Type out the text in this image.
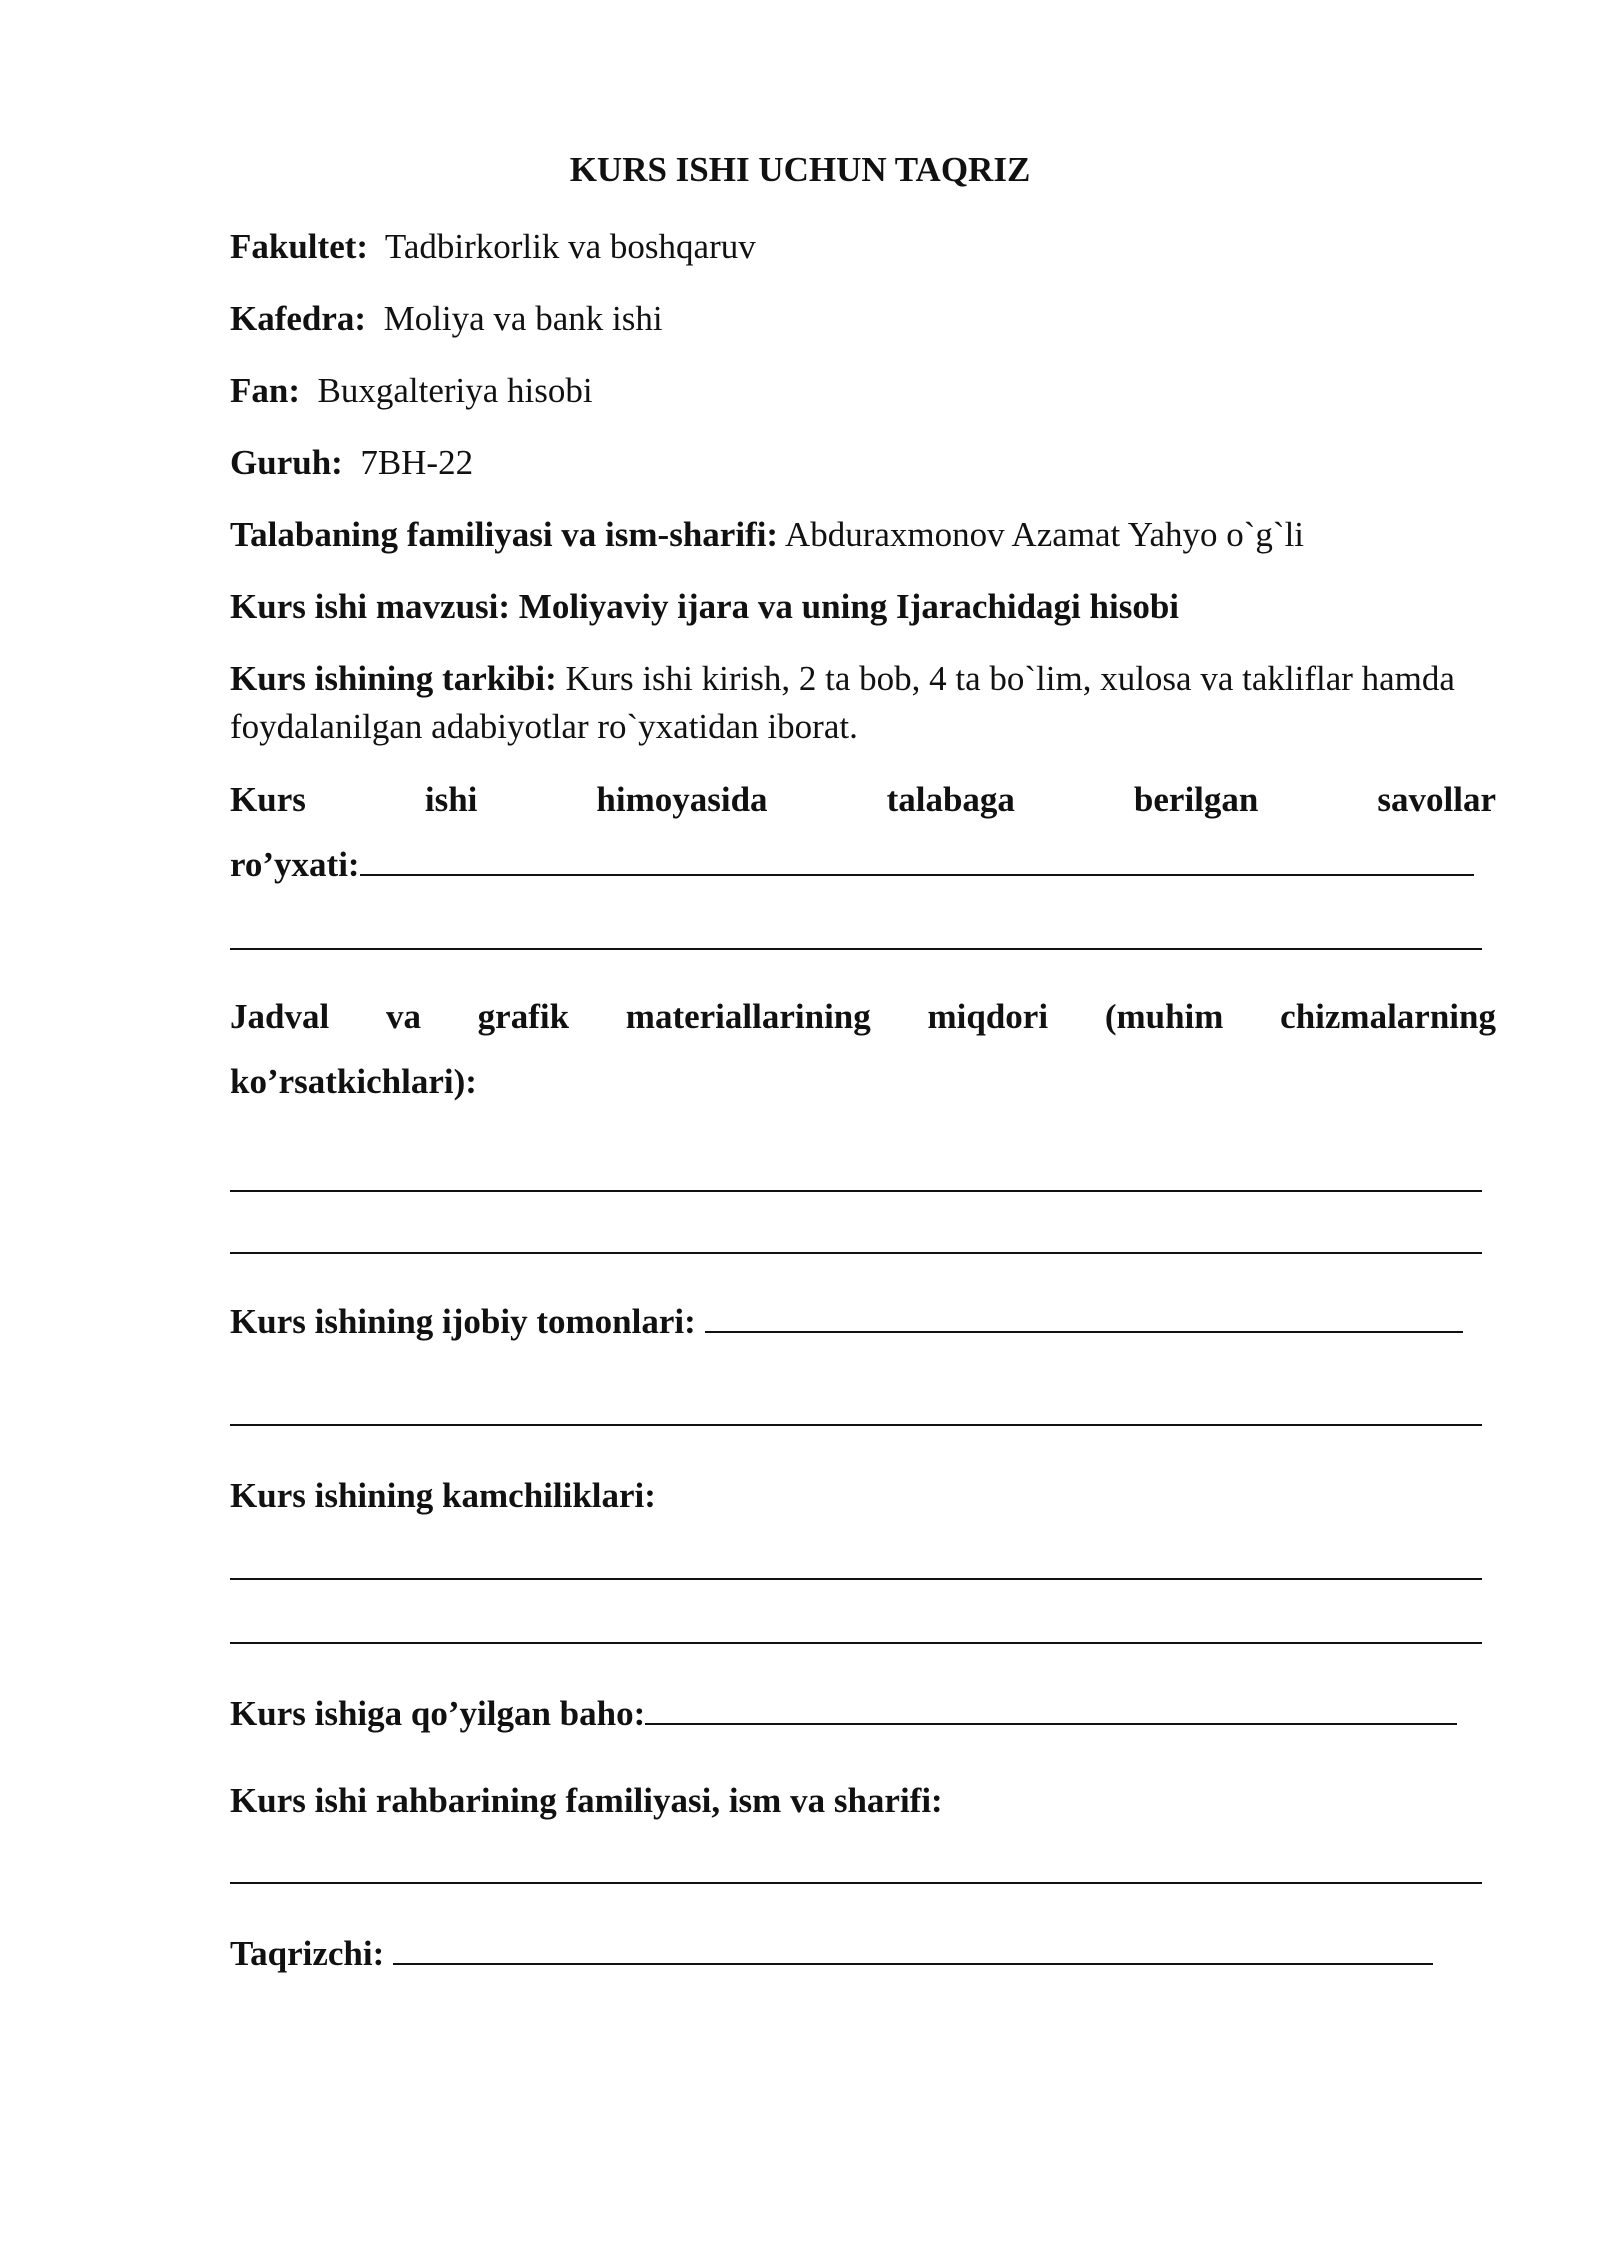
KURS ISHI UCHUN TAQRIZ
Fakultet: Tadbirkorlik va boshqaruv
Kafedra: Moliya va bank ishi
Fan: Buxgalteriya hisobi
Guruh: 7BH-22
Talabaning familiyasi va ism-sharifi: Abduraxmonov Azamat Yahyo o`g`li
Kurs ishi mavzusi: Moliyaviy ijara va uning Ijarachidagi hisobi
Kurs ishining tarkibi: Kurs ishi kirish, 2 ta bob, 4 ta bo`lim, xulosa va takliflar hamda foydalanilgan adabiyotlar ro`yxatidan iborat.
Kurs	ishi	himoyasida	talabaga	berilgan	savollar
ro’yxati:
Jadval va grafik materiallarining miqdori (muhim chizmalarning
ko’rsatkichlari):
Kurs ishining ijobiy tomonlari:
Kurs ishining kamchiliklari:
Kurs ishiga qo’yilgan baho:
Kurs ishi rahbarining familiyasi, ism va sharifi:
Taqrizchi:
